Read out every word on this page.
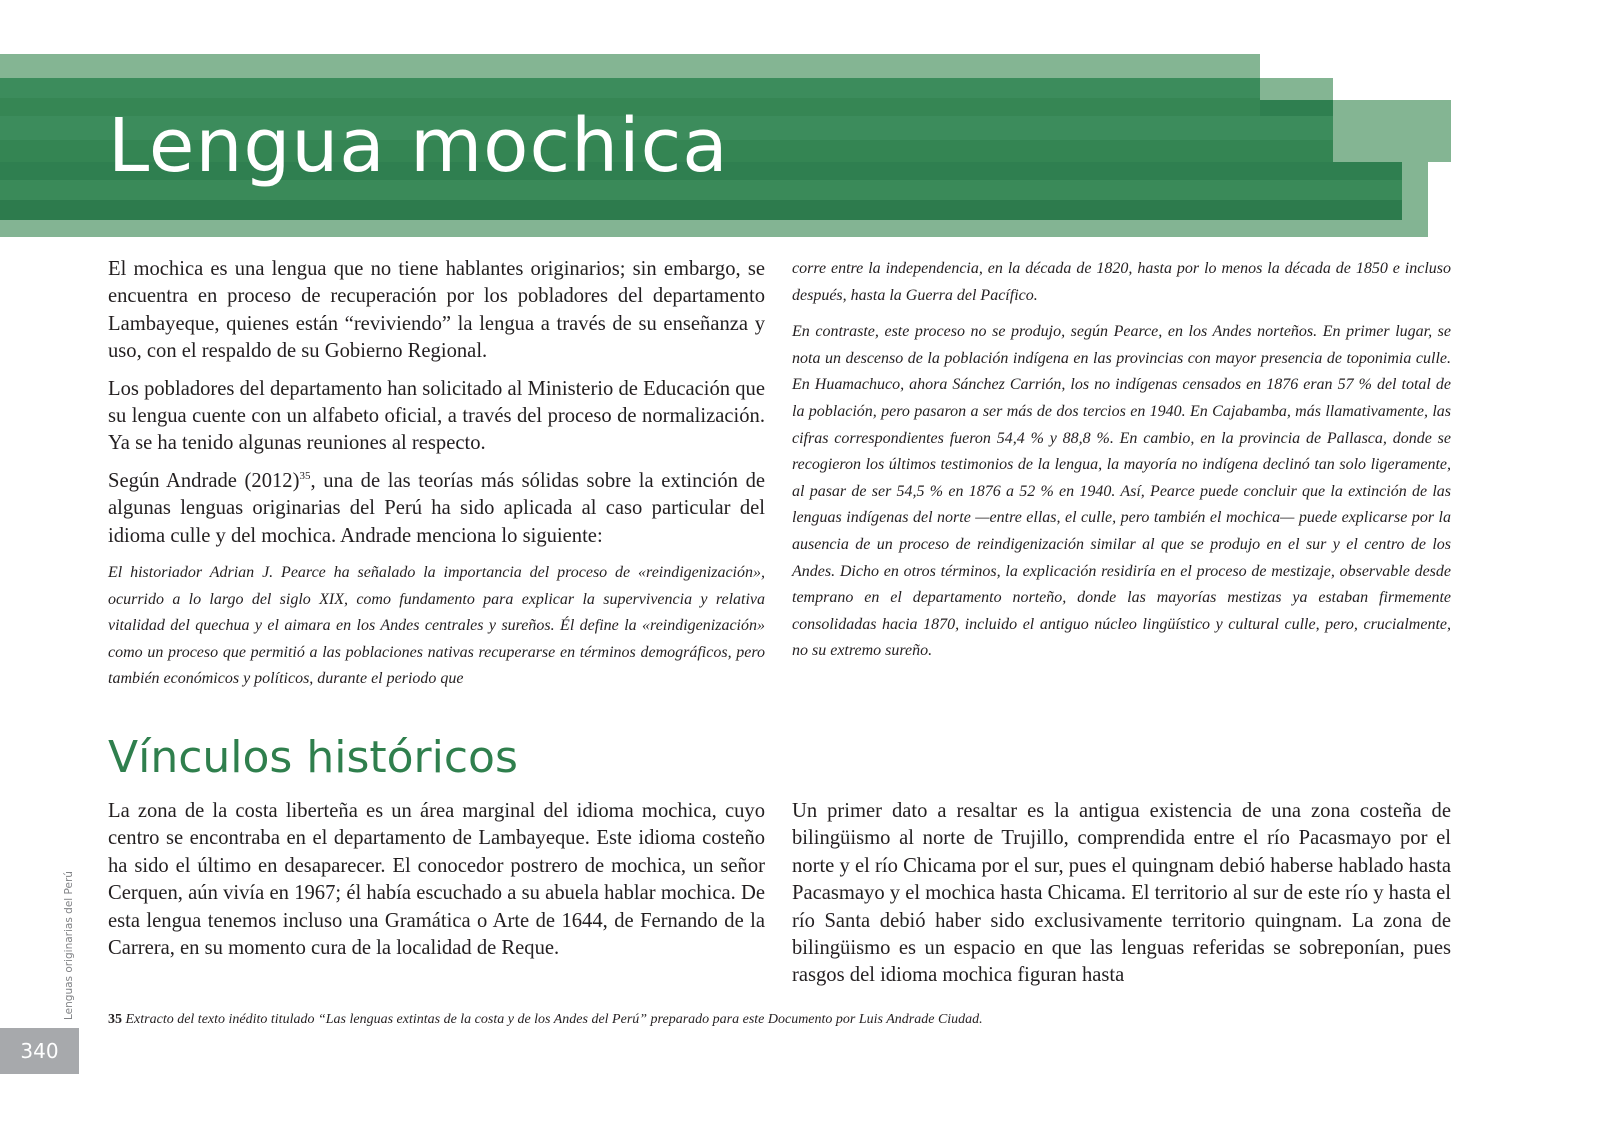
Lengua mochica

El mochica es una lengua que no tiene hablantes originarios; sin embargo, se encuentra en proceso de recuperación por los pobladores del departamento Lambayeque, quienes están “reviviendo” la lengua a través de su enseñanza y uso, con el respaldo de su Gobierno Regional.

Los pobladores del departamento han solicitado al Ministerio de Educación que su lengua cuente con un alfabeto oficial, a través del proceso de normalización. Ya se ha tenido algunas reuniones al respecto.

Según Andrade $(2012)^{35}$, una de las teorías más sólidas sobre la extinción de algunas lenguas originarias del Perú ha sido aplicada al caso particular del idioma culle y del mochica. Andrade menciona lo siguiente:

El historiador Adrian J. Pearce ha señalado la importancia del proceso de «reindigenización», ocurrido a lo largo del siglo XIX, como fundamento para explicar la supervivencia y relativa vitalidad del quechua y el aimara en los Andes centrales y sureños. Él define la «reindigenización» como un proceso que permitió a las poblaciones nativas recuperarse en términos demográficos, pero también económicos y políticos, durante el periodo que

corre entre la independencia, en la década de 1820, hasta por lo menos la década de 1850 e incluso después, hasta la Guerra del Pacífico.

En contraste, este proceso no se produjo, según Pearce, en los Andes norteños. En primer lugar, se nota un descenso de la población indígena en las provincias con mayor presencia de toponimia culle. En Huamachuco, ahora Sánchez Carrión, los no indígenas censados en 1876 eran 57 % del total de la población, pero pasaron a ser más de dos tercios en 1940. En Cajabamba, más llamativamente, las cifras correspondientes fueron 54,4 % y 88,8 %. En cambio, en la provincia de Pallasca, donde se recogieron los últimos testimonios de la lengua, la mayoría no indígena declinó tan solo ligeramente, al pasar de ser 54,5 % en 1876 a 52 % en 1940. Así, Pearce puede concluir que la extinción de las lenguas indígenas del norte —entre ellas, el culle, pero también el mochica— puede explicarse por la ausencia de un proceso de reindigenización similar al que se produjo en el sur y el centro de los Andes. Dicho en otros términos, la explicación residiría en el proceso de mestizaje, observable desde temprano en el departamento norteño, donde las mayorías mestizas ya estaban firmemente consolidadas hacia 1870, incluido el antiguo núcleo lingüístico y cultural culle, pero, crucialmente, no su extremo sureño.

Vínculos históricos

La zona de la costa liberteña es un área marginal del idioma mochica, cuyo centro se encontraba en el departamento de Lambayeque. Este idioma costeño ha sido el último en desaparecer. El conocedor postrero de mochica, un señor Cerquen, aún vivía en 1967; él había escuchado a su abuela hablar mochica. De esta lengua tenemos incluso una Gramática o Arte de 1644, de Fernando de la Carrera, en su momento cura de la localidad de Reque.

Un primer dato a resaltar es la antigua existencia de una zona costeña de bilingüismo al norte de Trujillo, comprendida entre el río Pacasmayo por el norte y el río Chicama por el sur, pues el quingnam debió haberse hablado hasta Pacasmayo y el mochica hasta Chicama. El territorio al sur de este río y hasta el río Santa debió haber sido exclusivamente territorio quingnam. La zona de bilingüismo es un espacio en que las lenguas referidas se sobreponían, pues rasgos del idioma mochica figuran hasta

35 Extracto del texto inédito titulado “Las lenguas extintas de la costa y de los Andes del Perú” preparado para este Documento por Luis Andrade Ciudad.

Lenguas originarias del Perú
340
